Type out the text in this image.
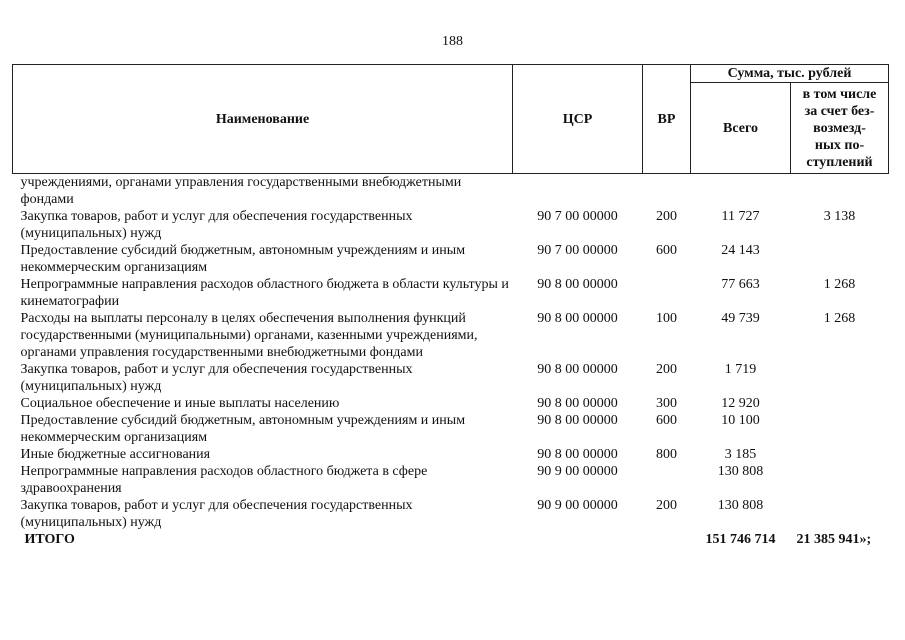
188
Наименование	ЦСР	ВР	Сумма, тыс. рублей	
			Всего	в том числе
за счет без-
возмезд-
ных по-
ступлений

учреждениями, органами управления государственными внебюджетными фондами				
Закупка товаров, работ и услуг для обеспечения государственных (муниципальных) нужд	90 7 00 00000	200	11 727	3 138
Предоставление субсидий бюджетным, автономным учреждениям и иным некоммерческим организациям	90 7 00 00000	600	24 143	
Непрограммные направления расходов областного бюджета в области культуры и кинематографии	90 8 00 00000		77 663	1 268
Расходы на выплаты персоналу в целях обеспечения выполнения функций государственными (муниципальными) органами, казенными учреждениями, органами управления государственными внебюджетными фондами	90 8 00 00000	100	49 739	1 268
Закупка товаров, работ и услуг для обеспечения государственных (муниципальных) нужд	90 8 00 00000	200	1 719	
Социальное обеспечение и иные выплаты населению	90 8 00 00000	300	12 920	
Предоставление субсидий бюджетным, автономным учреждениям и иным некоммерческим организациям	90 8 00 00000	600	10 100	
Иные бюджетные ассигнования	90 8 00 00000	800	3 185	
Непрограммные направления расходов областного бюджета в сфере здравоохранения	90 9 00 00000		130 808	
Закупка товаров, работ и услуг для обеспечения государственных (муниципальных) нужд	90 9 00 00000	200	130 808	
ИТОГО			151 746 714	21 385 941»;
